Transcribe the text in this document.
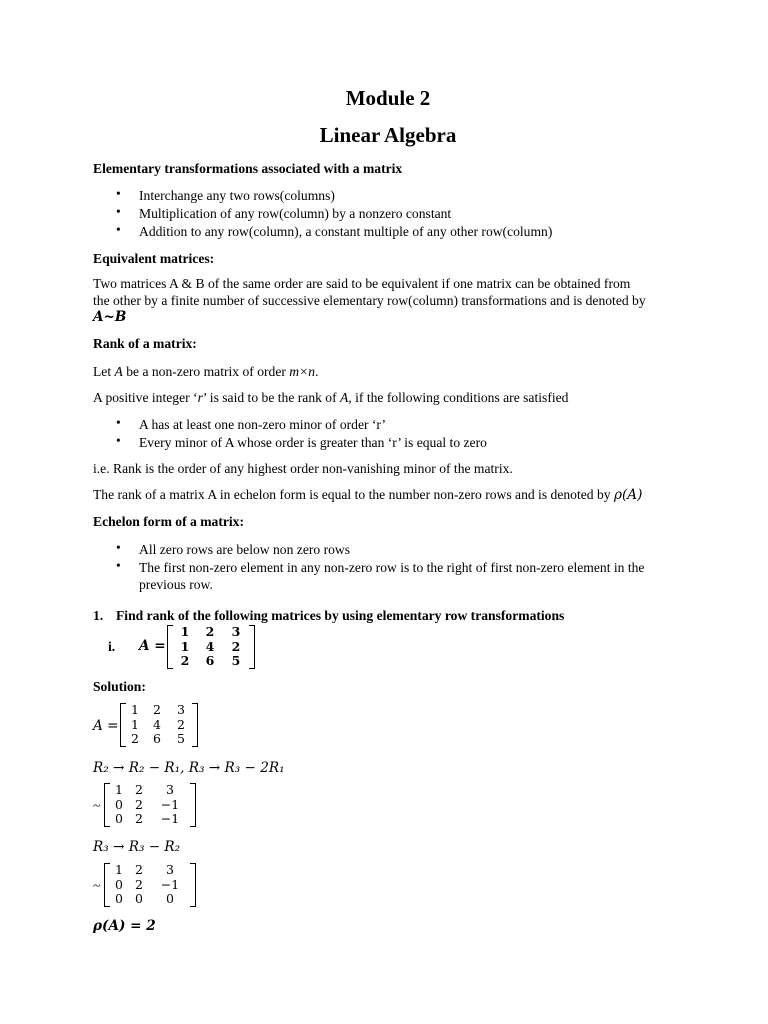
Module 2
Linear Algebra
Elementary transformations associated with a matrix
• Interchange any two rows(columns)
• Multiplication of any row(column) by a nonzero constant
• Addition to any row(column), a constant multiple of any other row(column)
Equivalent matrices:
Two matrices A & B of the same order are said to be equivalent if one matrix can be obtained from
the other by a finite number of successive elementary row(column) transformations and is denoted by
A~B
Rank of a matrix:
Let A be a non-zero matrix of order m×n.
A positive integer ‘r’ is said to be the rank of A, if the following conditions are satisfied
• A has at least one non-zero minor of order ‘r’
• Every minor of A whose order is greater than ‘r’ is equal to zero
i.e. Rank is the order of any highest order non-vanishing minor of the matrix.
The rank of a matrix A in echelon form is equal to the number non-zero rows and is denoted by ρ(A)
Echelon form of a matrix:
• All zero rows are below non zero rows
• The first non-zero element in any non-zero row is to the right of first non-zero element in the
previous row.
1. Find rank of the following matrices by using elementary row transformations
i. A =
1	2	3
1	4	2
2	6	5
Solution:
A =
1	2	3
1	4	2
2	6	5
R₂ → R₂ − R₁, R₃ → R₃ − 2R₁
~
1 2	3
0 2	−1
0 2	−1
R₃ → R₃ − R₂
~
1 2	3
0 2	−1
0 0	0
ρ(A) = 2
